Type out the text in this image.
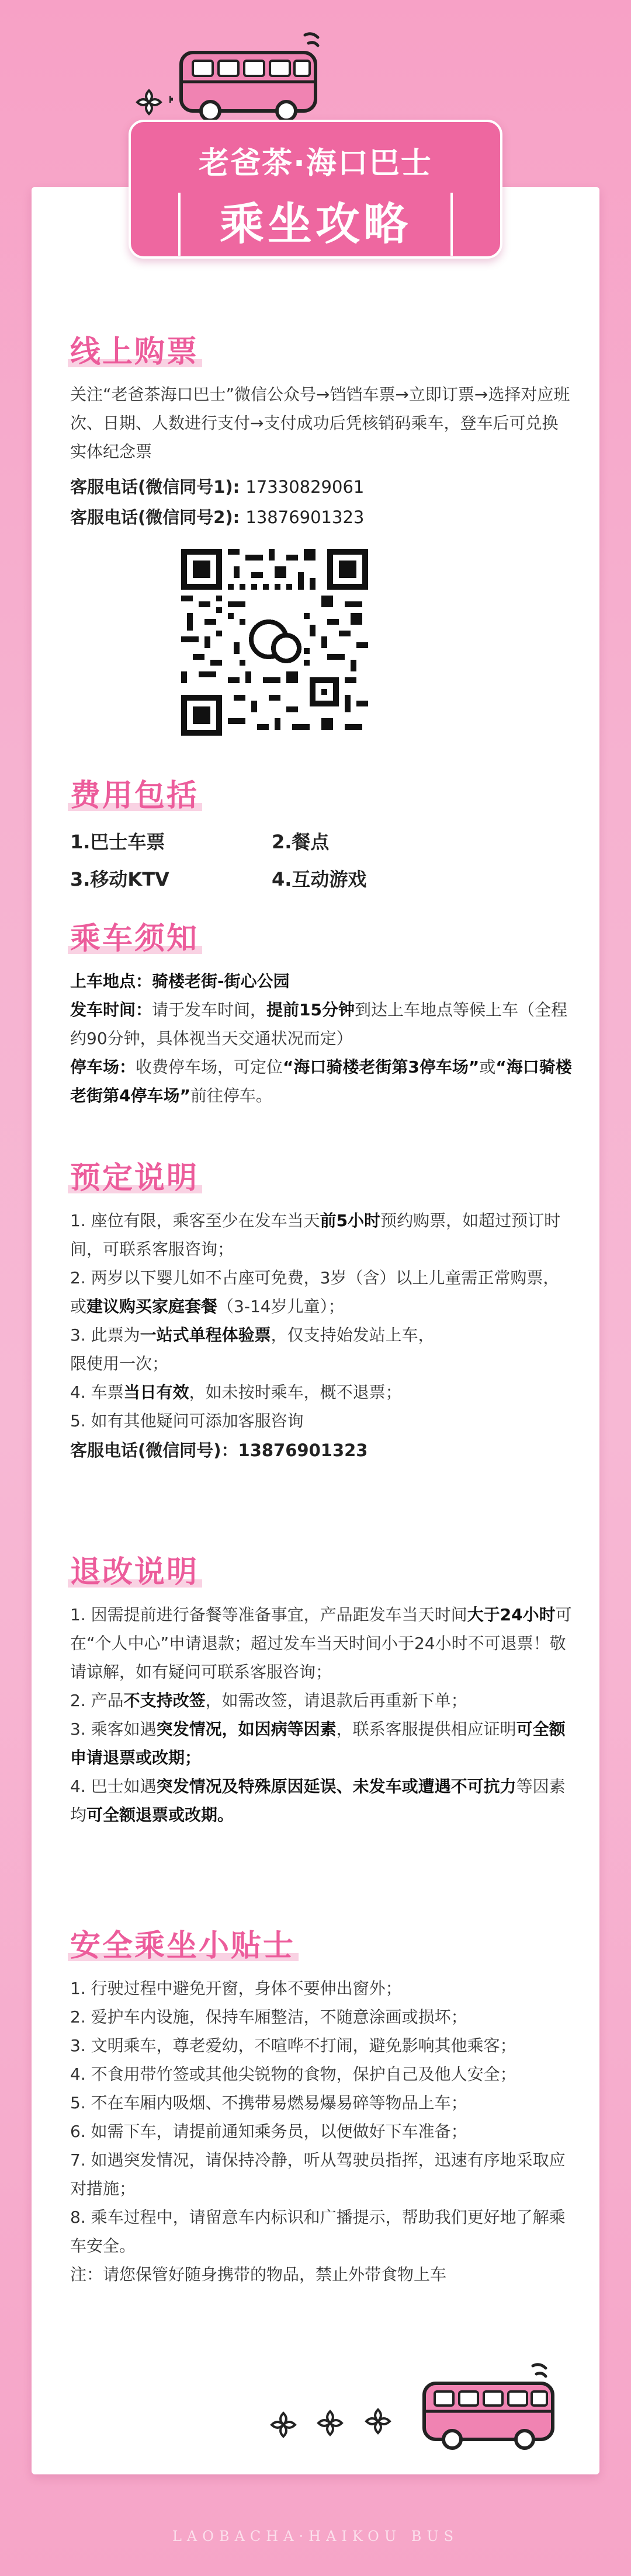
线上购票
关注“老爸茶海口巴士”微信公众号→铛铛车票→立即订票→选择对应班次、日期、人数进行支付→支付成功后凭核销码乘车，登车后可兑换实体纪念票
客服电话(微信同号1): 17330829061
客服电话(微信同号2): 13876901323
费用包括
1.巴士车票	2.餐点
3.移动KTV	4.互动游戏
乘车须知
上车地点：骑楼老街-街心公园
发车时间：请于发车时间，提前15分钟到达上车地点等候上车（全程约90分钟，具体视当天交通状况而定）
停车场：收费停车场，可定位“海口骑楼老街第3停车场”或“海口骑楼老街第4停车场”前往停车。
预定说明
1. 座位有限，乘客至少在发车当天前5小时预约购票，如超过预订时间，可联系客服咨询；
2. 两岁以下婴儿如不占座可免费，3岁（含）以上儿童需正常购票，或建议购买家庭套餐（3-14岁儿童）；
3. 此票为一站式单程体验票，仅支持始发站上车，
限使用一次；
4. 车票当日有效，如未按时乘车，概不退票；
5. 如有其他疑问可添加客服咨询
客服电话(微信同号)：13876901323
退改说明
1. 因需提前进行备餐等准备事宜，产品距发车当天时间大于24小时可在“个人中心”申请退款；超过发车当天时间小于24小时不可退票！敬请谅解，如有疑问可联系客服咨询；
2. 产品不支持改签，如需改签，请退款后再重新下单；
3. 乘客如遇突发情况，如因病等因素，联系客服提供相应证明可全额申请退票或改期；
4. 巴士如遇突发情况及特殊原因延误、未发车或遭遇不可抗力等因素均可全额退票或改期。
安全乘坐小贴士
1. 行驶过程中避免开窗，身体不要伸出窗外；
2. 爱护车内设施，保持车厢整洁，不随意涂画或损坏；
3. 文明乘车，尊老爱幼，不喧哗不打闹，避免影响其他乘客；
4. 不食用带竹签或其他尖锐物的食物，保护自己及他人安全；
5. 不在车厢内吸烟、不携带易燃易爆易碎等物品上车；
6. 如需下车，请提前通知乘务员，以便做好下车准备；
7. 如遇突发情况，请保持冷静，听从驾驶员指挥，迅速有序地采取应对措施；
8. 乘车过程中，请留意车内标识和广播提示，帮助我们更好地了解乘车安全。
注：请您保管好随身携带的物品，禁止外带食物上车
老爸茶·海口巴士
乘坐攻略
LAOBACHA·HAIKOU BUS
